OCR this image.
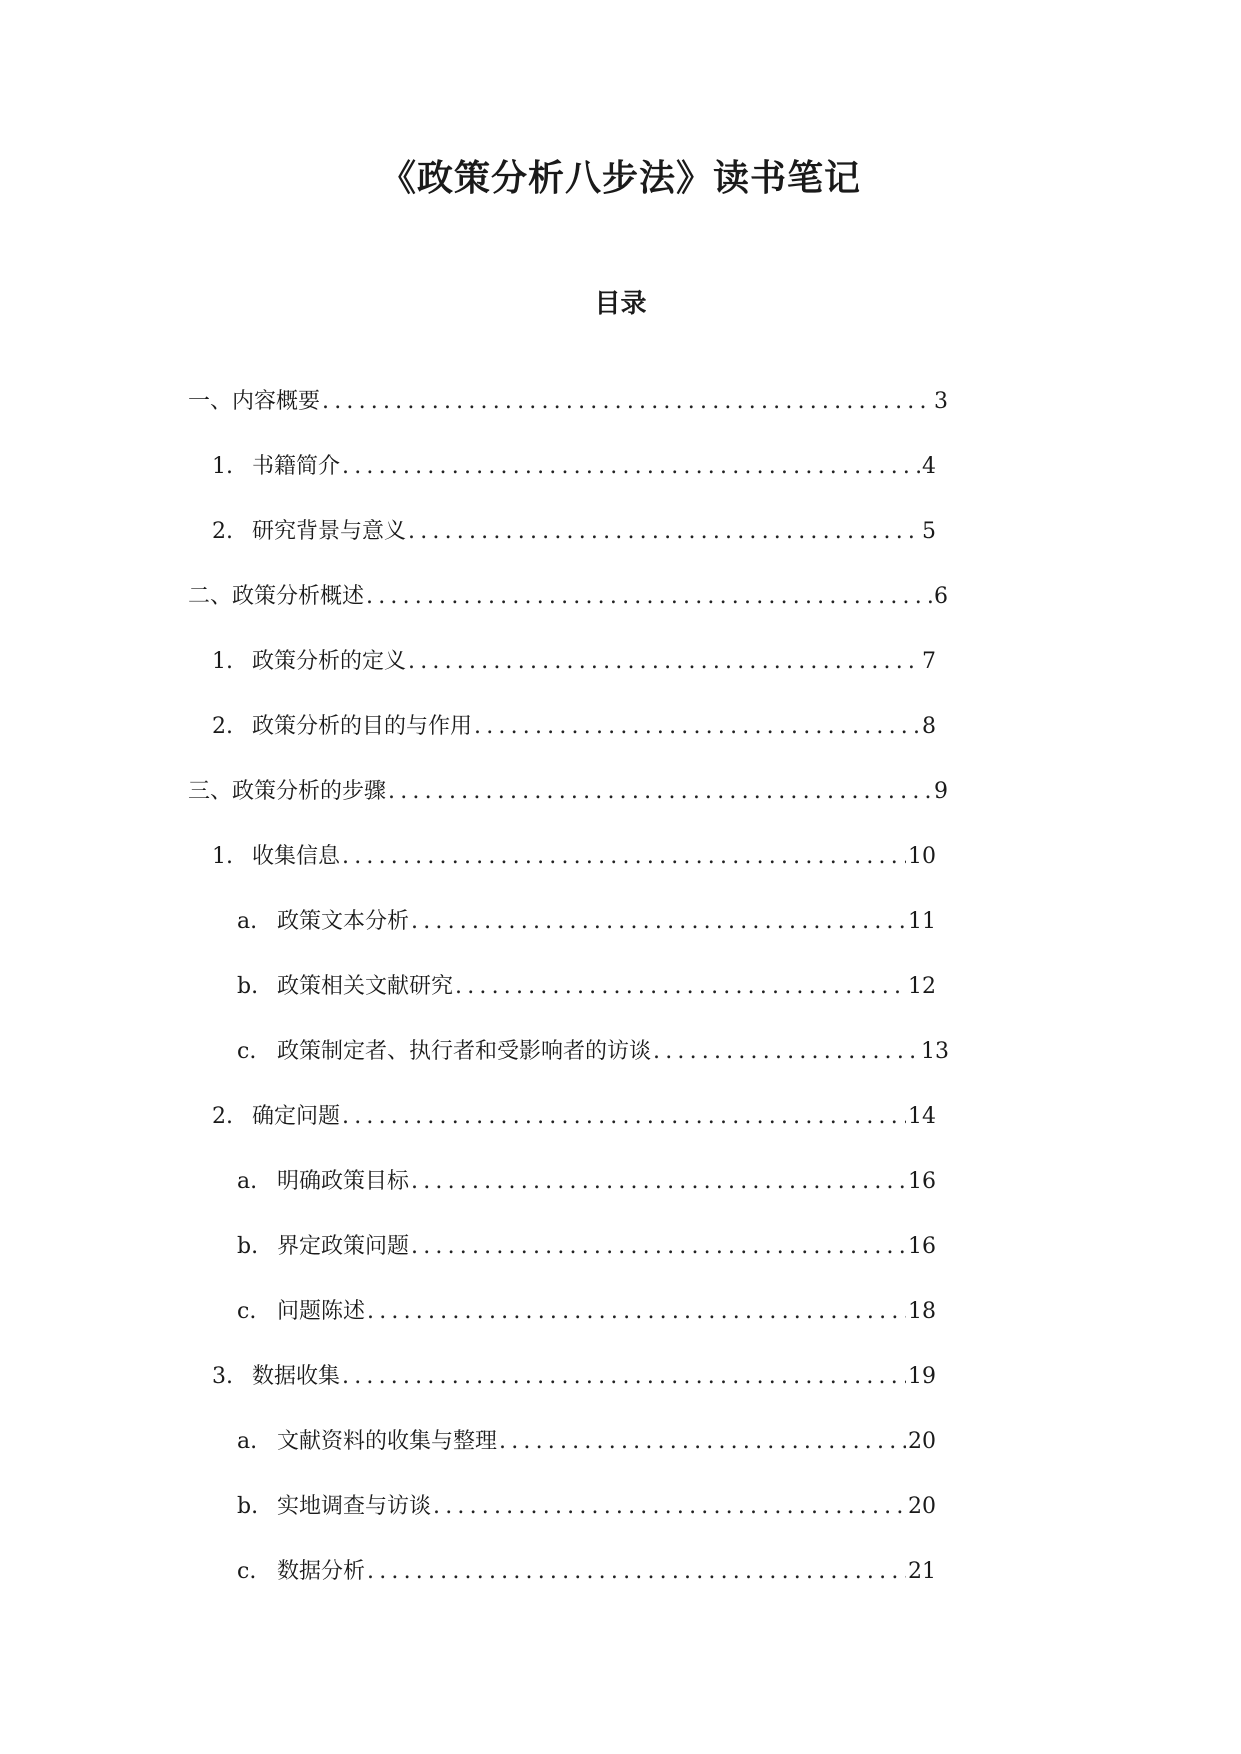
《政策分析八步法》读书笔记
目录
一、内容概要 .....	3
1. 书籍简介 .....	4
2. 研究背景与意义 .....	5
二、政策分析概述 .....	6
1. 政策分析的定义 .....	7
2. 政策分析的目的与作用 .....	8
三、政策分析的步骤 .....	9
1. 收集信息 .....	10
a. 政策文本分析 .....	11
b. 政策相关文献研究 .....	12
c. 政策制定者、执行者和受影响者的访谈 .....	13
2. 确定问题 .....	14
a. 明确政策目标 .....	16
b. 界定政策问题 .....	16
c. 问题陈述 .....	18
3. 数据收集 .....	19
a. 文献资料的收集与整理 .....	20
b. 实地调查与访谈 .....	20
c. 数据分析 .....	21
